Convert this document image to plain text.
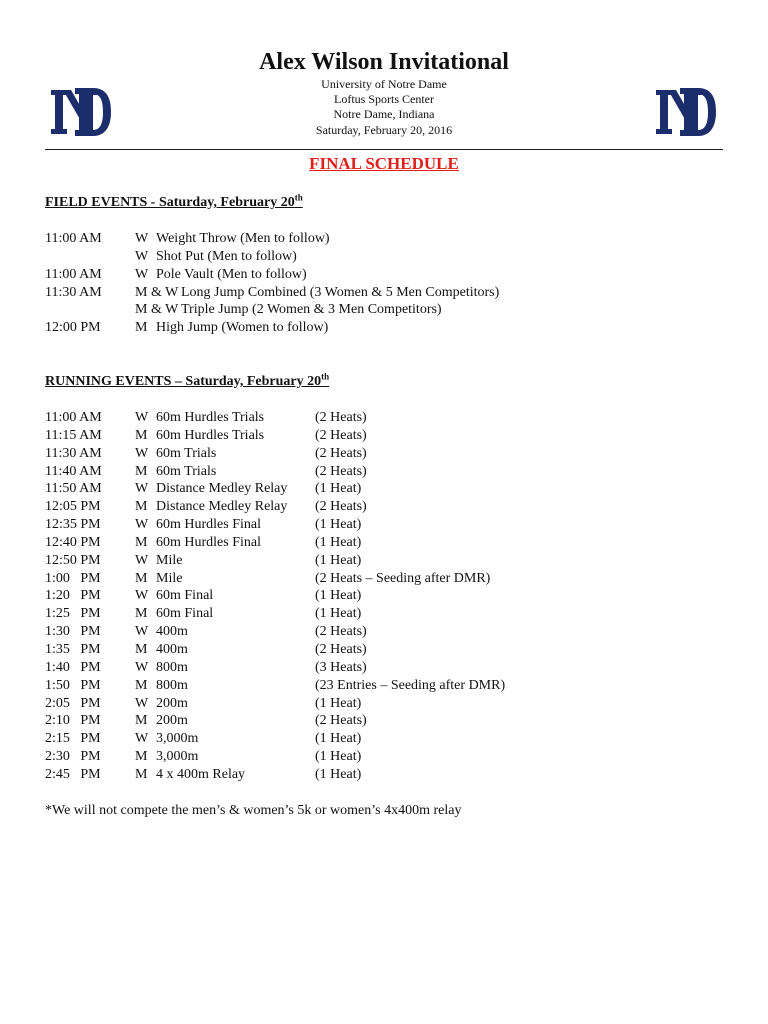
Alex Wilson Invitational
University of Notre Dame
Loftus Sports Center
Notre Dame, Indiana
Saturday, February 20, 2016
FINAL SCHEDULE
FIELD EVENTS - Saturday, February 20th
11:00 AM W Weight Throw (Men to follow)
W Shot Put (Men to follow)
11:00 AM W Pole Vault (Men to follow)
11:30 AM M & W Long Jump Combined (3 Women & 5 Men Competitors)
M & W Triple Jump (2 Women & 3 Men Competitors)
12:00 PM M High Jump (Women to follow)
RUNNING EVENTS – Saturday, February 20th
11:00 AM W 60m Hurdles Trials	(2 Heats)
11:15 AM M 60m Hurdles Trials	(2 Heats)
11:30 AM W 60m Trials	(2 Heats)
11:40 AM M 60m Trials	(2 Heats)
11:50 AM W Distance Medley Relay (1 Heat)
12:05 PM M Distance Medley Relay (2 Heats)
12:35 PM W 60m Hurdles Final	(1 Heat)
12:40 PM M 60m Hurdles Final	(1 Heat)
12:50 PM W Mile	(1 Heat)
1:00   PM M Mile	(2 Heats – Seeding after DMR)
1:20   PM W 60m Final	(1 Heat)
1:25   PM M 60m Final	(1 Heat)
1:30   PM W 400m	(2 Heats)
1:35   PM M 400m	(2 Heats)
1:40   PM W 800m	(3 Heats)
1:50   PM M 800m	(23 Entries – Seeding after DMR)
2:05   PM W 200m	(1 Heat)
2:10   PM M 200m	(2 Heats)
2:15   PM W 3,000m	(1 Heat)
2:30   PM M 3,000m	(1 Heat)
2:45   PM M 4 x 400m Relay	(1 Heat)
*We will not compete the men’s & women’s 5k or women’s 4x400m relay
